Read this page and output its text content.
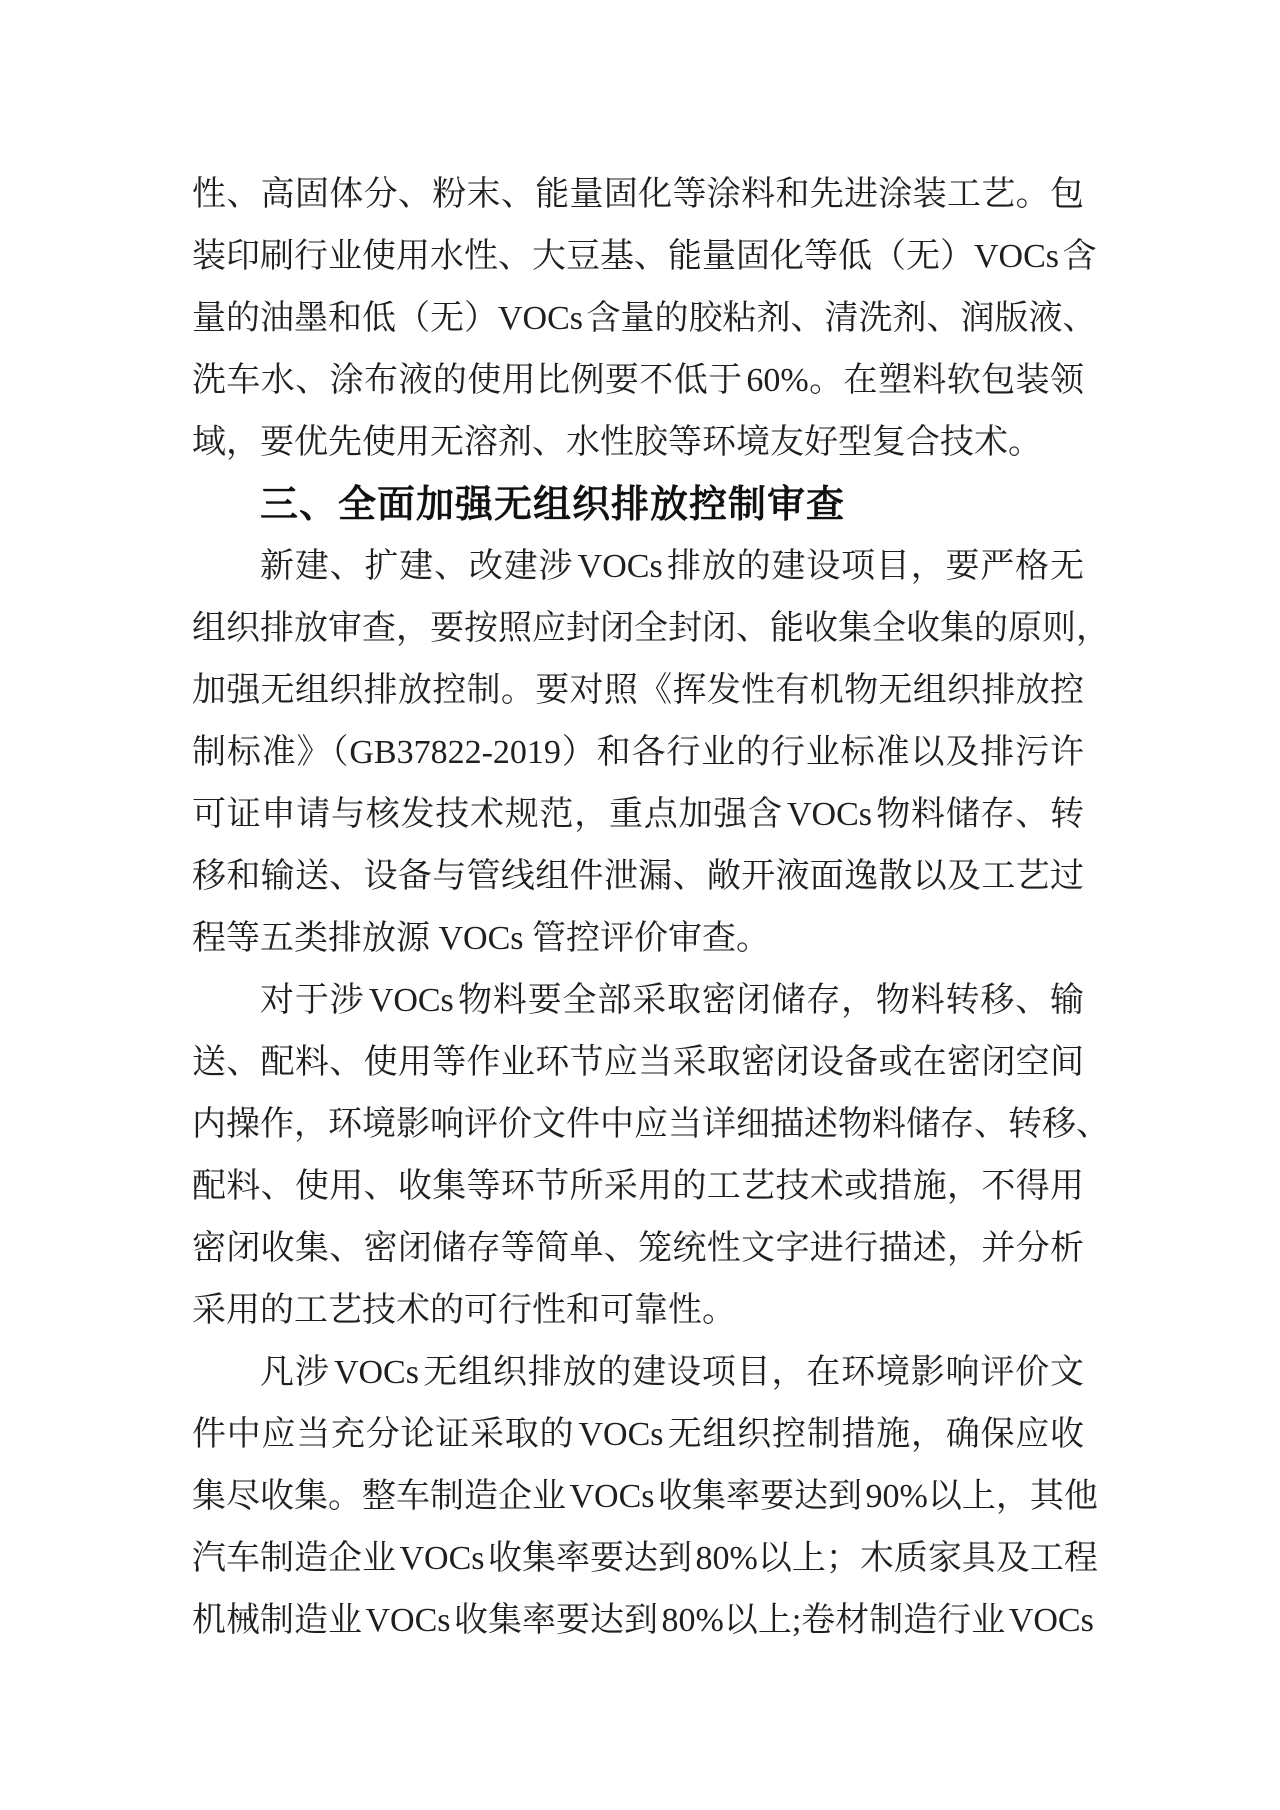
性、高固体分、粉末、能量固化等涂料和先进涂装工艺。包
装印刷行业使用水性、大豆基、能量固化等低（无）VOCs 含
量的油墨和低（无）VOCs 含量的胶粘剂、清洗剂、润版液、
洗车水、涂布液的使用比例要不低于 60%。在塑料软包装领
域，要优先使用无溶剂、水性胶等环境友好型复合技术。
三、全面加强无组织排放控制审查
新建、扩建、改建涉 VOCs 排放的建设项目，要严格无
组织排放审查，要按照应封闭全封闭、能收集全收集的原则，
加强无组织排放控制。要对照《挥发性有机物无组织排放控
制标准》（GB37822-2019）和各行业的行业标准以及排污许
可证申请与核发技术规范，重点加强含 VOCs 物料储存、转
移和输送、设备与管线组件泄漏、敞开液面逸散以及工艺过
程等五类排放源 VOCs 管控评价审查。
对于涉 VOCs 物料要全部采取密闭储存，物料转移、输
送、配料、使用等作业环节应当采取密闭设备或在密闭空间
内操作，环境影响评价文件中应当详细描述物料储存、转移、
配料、使用、收集等环节所采用的工艺技术或措施，不得用
密闭收集、密闭储存等简单、笼统性文字进行描述，并分析
采用的工艺技术的可行性和可靠性。
凡涉 VOCs 无组织排放的建设项目，在环境影响评价文
件中应当充分论证采取的 VOCs 无组织控制措施，确保应收
集尽收集。整车制造企业 VOCs 收集率要达到 90%以上，其他
汽车制造企业 VOCs 收集率要达到 80%以上；木质家具及工程
机械制造业 VOCs 收集率要达到 80%以上;卷材制造行业 VOCs
